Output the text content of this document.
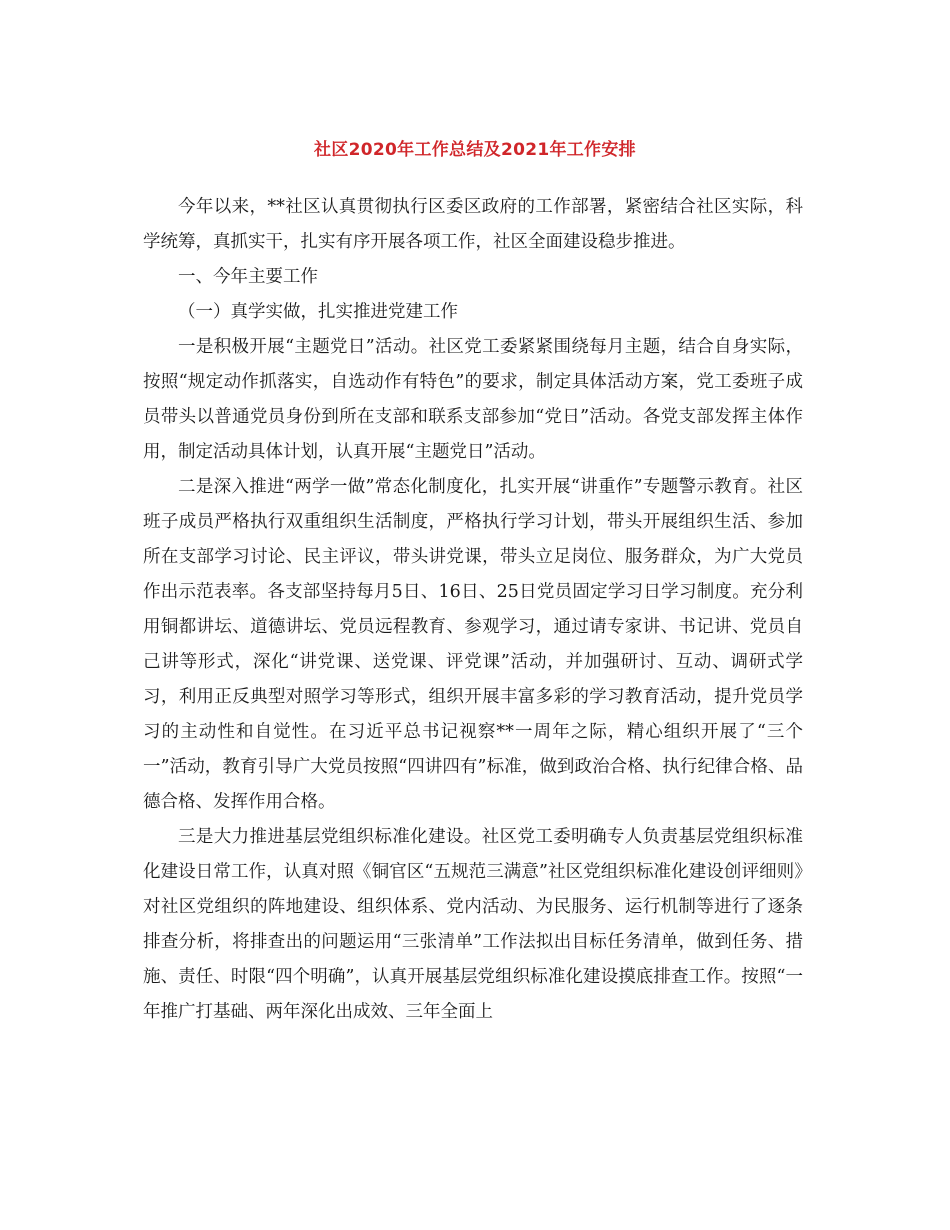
社区2020年工作总结及2021年工作安排

今年以来，**社区认真贯彻执行区委区政府的工作部署，紧密结合社区实际，科学统筹，真抓实干，扎实有序开展各项工作，社区全面建设稳步推进。

一、今年主要工作

（一）真学实做，扎实推进党建工作

一是积极开展“主题党日”活动。社区党工委紧紧围绕每月主题，结合自身实际，按照“规定动作抓落实，自选动作有特色”的要求，制定具体活动方案，党工委班子成员带头以普通党员身份到所在支部和联系支部参加“党日”活动。各党支部发挥主体作用，制定活动具体计划，认真开展“主题党日”活动。

二是深入推进“两学一做”常态化制度化，扎实开展“讲重作”专题警示教育。社区班子成员严格执行双重组织生活制度，严格执行学习计划，带头开展组织生活、参加所在支部学习讨论、民主评议，带头讲党课，带头立足岗位、服务群众，为广大党员作出示范表率。各支部坚持每月5日、16日、25日党员固定学习日学习制度。充分利用铜都讲坛、道德讲坛、党员远程教育、参观学习，通过请专家讲、书记讲、党员自己讲等形式，深化“讲党课、送党课、评党课”活动，并加强研讨、互动、调研式学习，利用正反典型对照学习等形式，组织开展丰富多彩的学习教育活动，提升党员学习的主动性和自觉性。在习近平总书记视察**一周年之际，精心组织开展了“三个一”活动，教育引导广大党员按照“四讲四有”标准，做到政治合格、执行纪律合格、品德合格、发挥作用合格。

三是大力推进基层党组织标准化建设。社区党工委明确专人负责基层党组织标准化建设日常工作，认真对照《铜官区“五规范三满意”社区党组织标准化建设创评细则》对社区党组织的阵地建设、组织体系、党内活动、为民服务、运行机制等进行了逐条排查分析，将排查出的问题运用“三张清单”工作法拟出目标任务清单，做到任务、措施、责任、时限“四个明确”，认真开展基层党组织标准化建设摸底排查工作。按照“一年推广打基础、两年深化出成效、三年全面上
